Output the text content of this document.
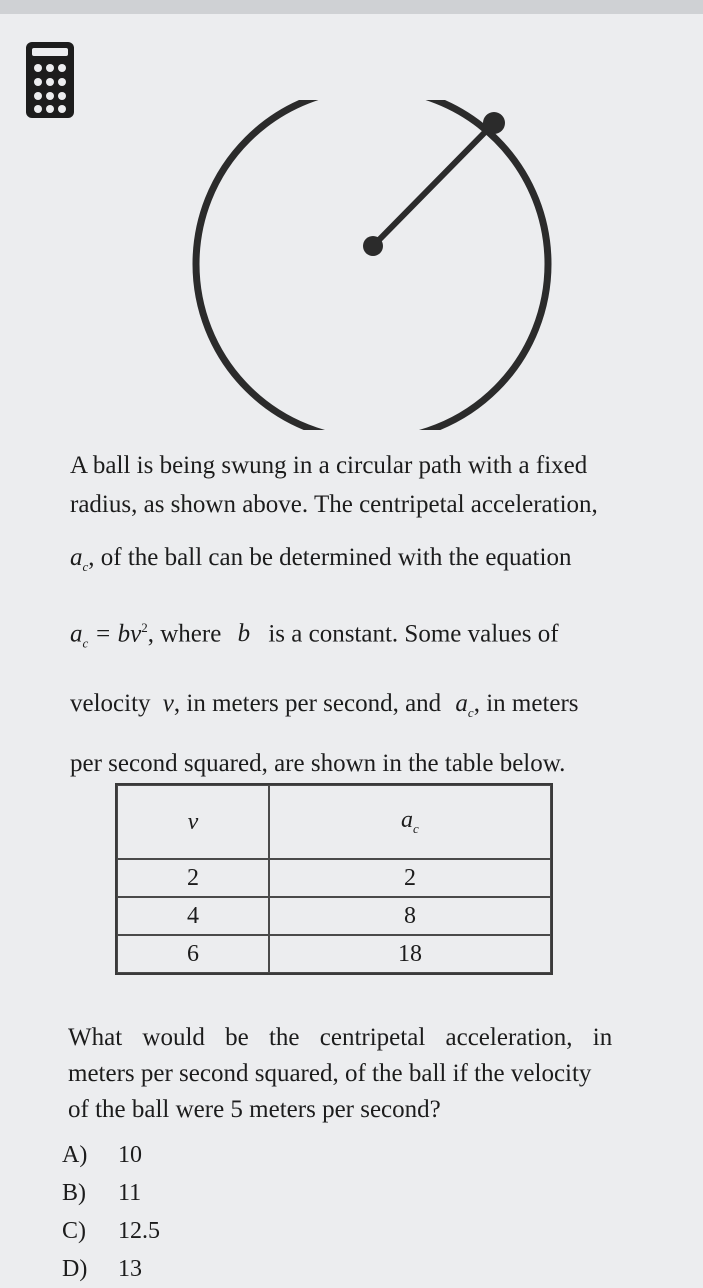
A ball is being swung in a circular path with a fixed
radius, as shown above. The centripetal acceleration,
$a_c$, of the ball can be determined with the equation
$a_c = bv^2$, where b is a constant. Some values of
velocity v, in meters per second, and $a_c$, in meters
per second squared, are shown in the table below.
v	$a_c$
2	2
4	8
6	18
What would be the centripetal acceleration, in
meters per second squared, of the ball if the velocity
of the ball were 5 meters per second?
A)	10
B)	11
C)	12.5
D)	13
